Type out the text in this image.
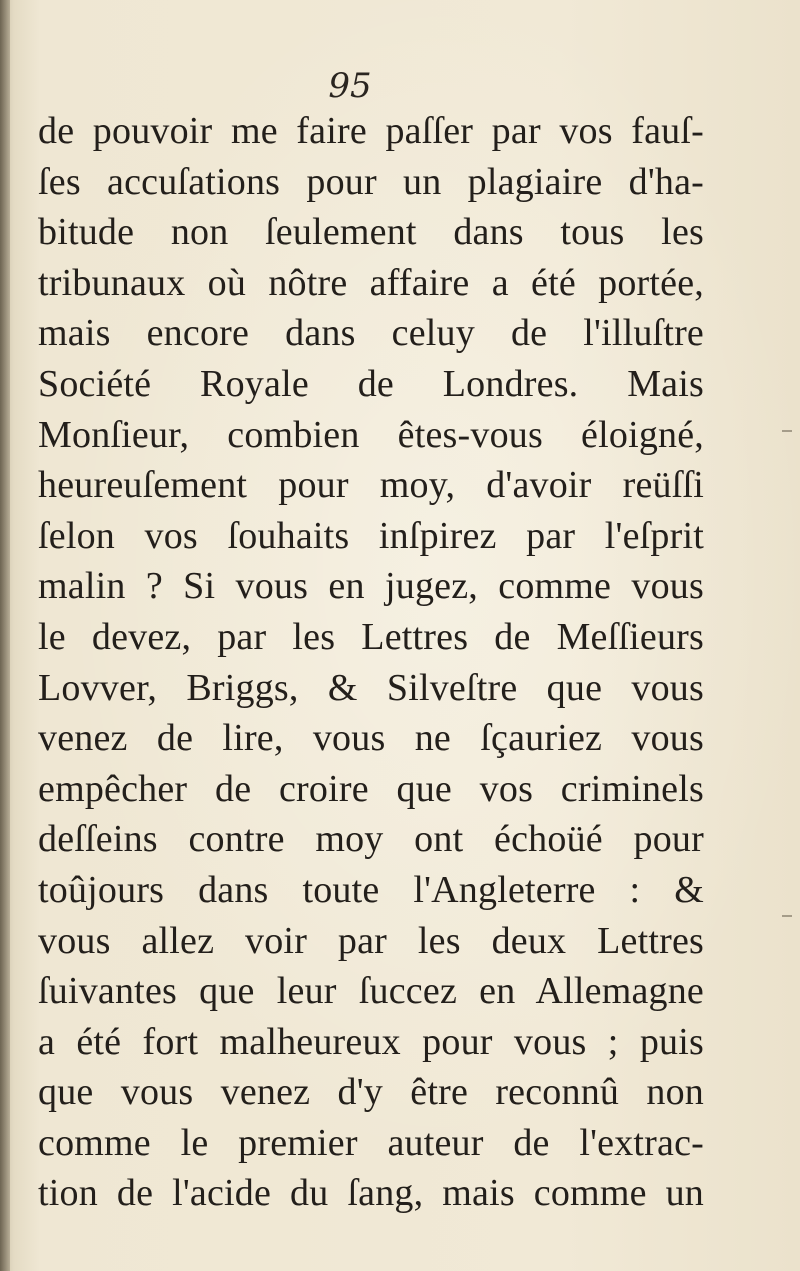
95
de pouvoir me faire paſſer par vos fauſ-
ſes accuſations pour un plagiaire d'ha-
bitude non ſeulement dans tous les
tribunaux où nôtre affaire a été portée,
mais encore dans celuy de l'illuſtre
Société Royale de Londres. Mais
Monſieur, combien êtes-vous éloigné,
heureuſement pour moy, d'avoir reüſſi
ſelon vos ſouhaits inſpirez par l'eſprit
malin ? Si vous en jugez, comme vous
le devez, par les Lettres de Meſſieurs
Lovver, Briggs, & Silveſtre que vous
venez de lire, vous ne ſçauriez vous
empêcher de croire que vos criminels
deſſeins contre moy ont échoüé pour
toûjours dans toute l'Angleterre : &
vous allez voir par les deux Lettres
ſuivantes que leur ſuccez en Allemagne
a été fort malheureux pour vous ; puis
que vous venez d'y être reconnû non
comme le premier auteur de l'extrac-
tion de l'acide du ſang, mais comme un
